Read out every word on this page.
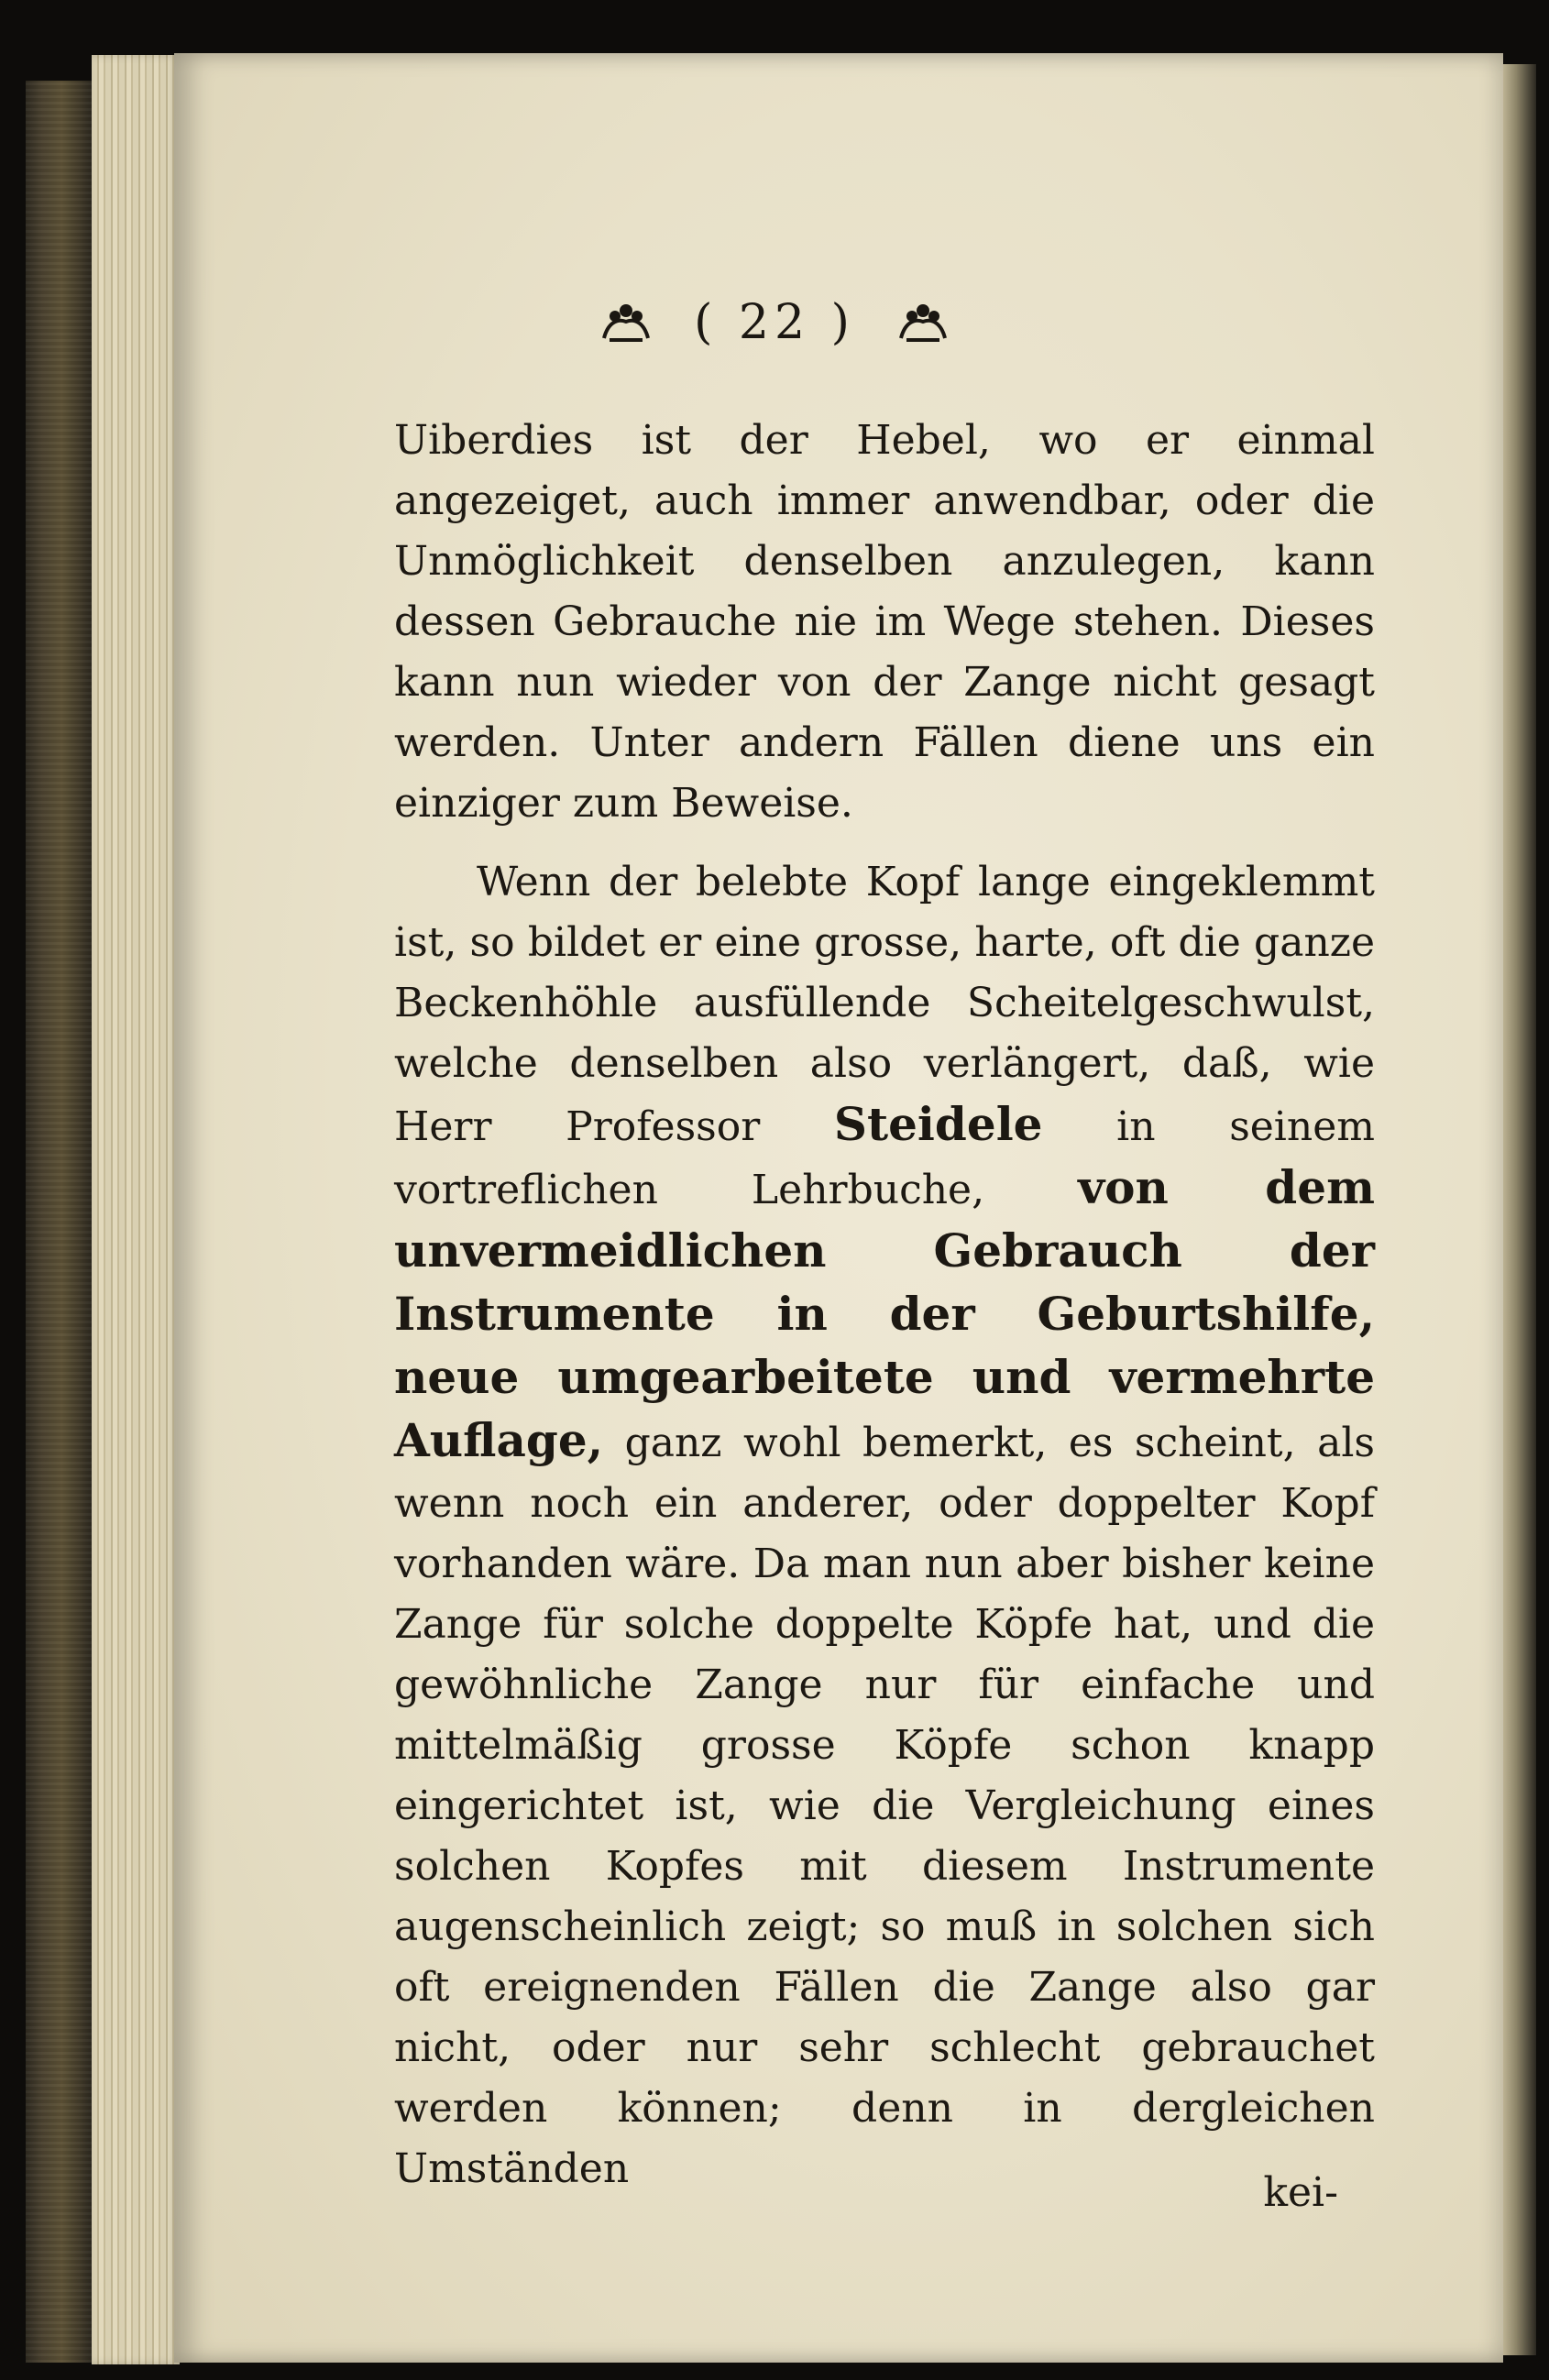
( 22 )
Uiberdies ist der Hebel, wo er einmal angezeiget, auch immer anwendbar, oder die Unmöglichkeit denselben anzulegen, kann dessen Gebrauche nie im Wege stehen. Dieses kann nun wieder von der Zange nicht gesagt werden. Unter andern Fällen diene uns ein einziger zum Beweise.
Wenn der belebte Kopf lange eingeklemmt ist, so bildet er eine grosse, harte, oft die ganze Beckenhöhle ausfüllende Scheitelgeschwulst, welche denselben also verlängert, daß, wie Herr Professor Steidele in seinem vortreflichen Lehrbuche, von dem unvermeidlichen Gebrauch der Instrumente in der Geburtshilfe, neue umgearbeitete und vermehrte Auflage, ganz wohl bemerkt, es scheint, als wenn noch ein anderer, oder doppelter Kopf vorhanden wäre. Da man nun aber bisher keine Zange für solche doppelte Köpfe hat, und die gewöhnliche Zange nur für einfache und mittelmäßig grosse Köpfe schon knapp eingerichtet ist, wie die Vergleichung eines solchen Kopfes mit diesem Instrumente augenscheinlich zeigt; so muß in solchen sich oft ereignenden Fällen die Zange also gar nicht, oder nur sehr schlecht gebrauchet werden können; denn in dergleichen Umständen
kei-
